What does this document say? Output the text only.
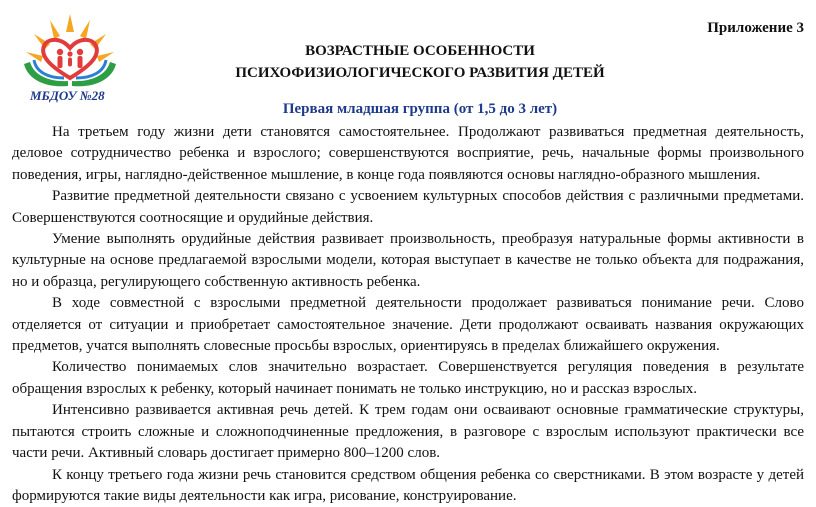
МБДОУ №28
Приложение 3
ВОЗРАСТНЫЕ ОСОБЕННОСТИ
ПСИХОФИЗИОЛОГИЧЕСКОГО РАЗВИТИЯ ДЕТЕЙ
Первая младшая группа (от 1,5 до 3 лет)

На третьем году жизни дети становятся самостоятельнее. Продолжают развиваться предметная деятельность, деловое сотрудничество ребенка и взрослого; совершенствуются восприятие, речь, начальные формы произвольного поведения, игры, наглядно-действенное мышление, в конце года появляются основы наглядно-образного мышления.

Развитие предметной деятельности связано с усвоением культурных способов действия с различными предметами. Совершенствуются соотносящие и орудийные действия.

Умение выполнять орудийные действия развивает произвольность, преобразуя натуральные формы активности в культурные на основе предлагаемой взрослыми модели, которая выступает в качестве не только объекта для подражания, но и образца, регулирующего собственную активность ребенка.

В ходе совместной с взрослыми предметной деятельности продолжает развиваться понимание речи. Слово отделяется от ситуации и приобретает самостоятельное значение. Дети продолжают осваивать названия окружающих предметов, учатся выполнять словесные просьбы взрослых, ориентируясь в пределах ближайшего окружения.

Количество понимаемых слов значительно возрастает. Совершенствуется регуляция поведения в результате обращения взрослых к ребенку, который начинает понимать не только инструкцию, но и рассказ взрослых.

Интенсивно развивается активная речь детей. К трем годам они осваивают основные грамматические структуры, пытаются строить сложные и сложноподчиненные предложения, в разговоре с взрослым используют практически все части речи. Активный словарь достигает примерно 800–1200 слов.

К концу третьего года жизни речь становится средством общения ребенка со сверстниками. В этом возрасте у детей формируются такие виды деятельности как игра, рисование, конструирование.
